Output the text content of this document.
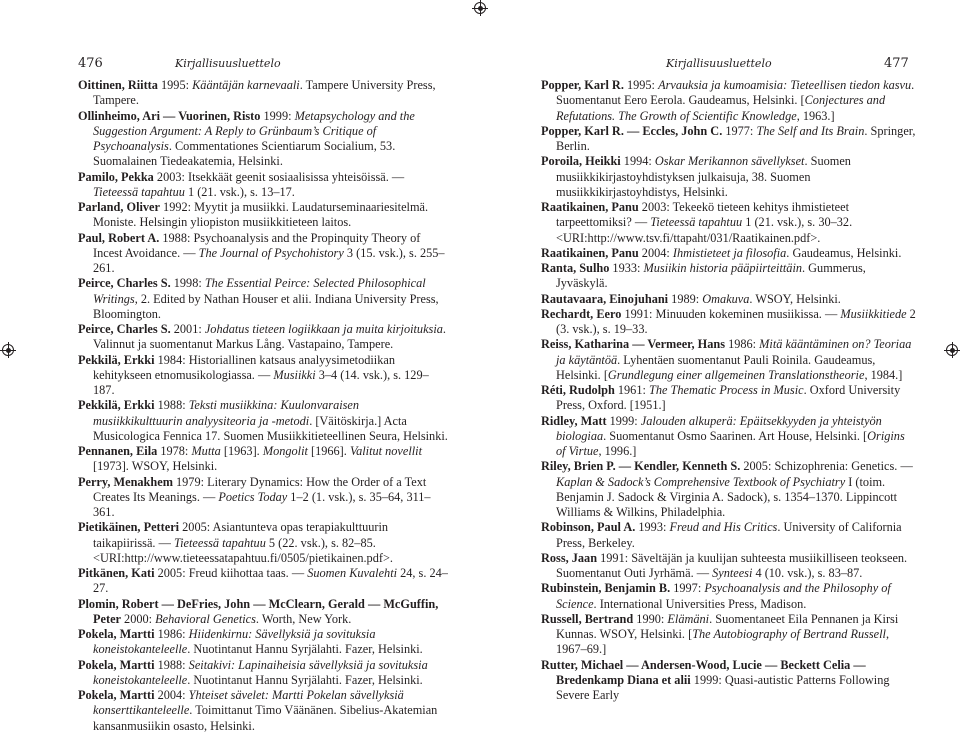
476	Kirjallisuusluettelo
Oittinen, Riitta 1995: Kääntäjän karnevaali. Tampere University Press, Tampere.
Ollinheimo, Ari — Vuorinen, Risto 1999: Metapsychology and the Suggestion Argument: A Reply to Grünbaum’s Critique of Psychoanalysis. Commentationes Scientiarum Socialium, 53. Suomalainen Tiedeakatemia, Helsinki.
Pamilo, Pekka 2003: Itsekkäät geenit sosiaalisissa yhteisöissä. — Tieteessä tapahtuu 1 (21. vsk.), s. 13–17.
Parland, Oliver 1992: Myytit ja musiikki. Laudaturseminaariesitelmä. Moniste. Helsingin yliopiston musiikkitieteen laitos.
Paul, Robert A. 1988: Psychoanalysis and the Propinquity Theory of Incest Avoidance. — The Journal of Psychohistory 3 (15. vsk.), s. 255–261.
Peirce, Charles S. 1998: The Essential Peirce: Selected Philosophical Writings, 2. Edited by Nathan Houser et alii. Indiana University Press, Bloomington.
Peirce, Charles S. 2001: Johdatus tieteen logiikkaan ja muita kirjoituksia. Valinnut ja suomentanut Markus Lång. Vastapaino, Tampere.
Pekkilä, Erkki 1984: Historiallinen katsaus analyysimetodiikan kehitykseen etnomusikologiassa. — Musiikki 3–4 (14. vsk.), s. 129–187.
Pekkilä, Erkki 1988: Teksti musiikkina: Kuulonvaraisen musiikkikulttuurin analyysiteoria ja -metodi. [Väitöskirja.] Acta Musicologica Fennica 17. Suomen Musiikkitieteellinen Seura, Helsinki.
Pennanen, Eila 1978: Mutta [1963]. Mongolit [1966]. Valitut novellit [1973]. WSOY, Helsinki.
Perry, Menakhem 1979: Literary Dynamics: How the Order of a Text Creates Its Meanings. — Poetics Today 1–2 (1. vsk.), s. 35–64, 311–361.
Pietikäinen, Petteri 2005: Asiantunteva opas terapiakulttuurin taikapiirissä. — Tieteessä tapahtuu 5 (22. vsk.), s. 82–85. <URI:http://www.tieteessatapahtuu.fi/0505/pietikainen.pdf>.
Pitkänen, Kati 2005: Freud kiihottaa taas. — Suomen Kuvalehti 24, s. 24–27.
Plomin, Robert — DeFries, John — McClearn, Gerald — McGuffin, Peter 2000: Behavioral Genetics. Worth, New York.
Pokela, Martti 1986: Hiidenkirnu: Sävellyksiä ja sovituksia koneistokanteleelle. Nuotintanut Hannu Syrjälahti. Fazer, Helsinki.
Pokela, Martti 1988: Seitakivi: Lapinaiheisia sävellyksiä ja sovituksia koneistokanteleelle. Nuotintanut Hannu Syrjälahti. Fazer, Helsinki.
Pokela, Martti 2004: Yhteiset sävelet: Martti Pokelan sävellyksiä konserttikanteleelle. Toimittanut Timo Väänänen. Sibelius-Akatemian kansanmusiikin osasto, Helsinki.
Kirjallisuusluettelo	477
Popper, Karl R. 1995: Arvauksia ja kumoamisia: Tieteellisen tiedon kasvu. Suomentanut Eero Eerola. Gaudeamus, Helsinki. [Conjectures and Refutations. The Growth of Scientific Knowledge, 1963.]
Popper, Karl R. — Eccles, John C. 1977: The Self and Its Brain. Springer, Berlin.
Poroila, Heikki 1994: Oskar Merikannon sävellykset. Suomen musiikkikirjastoyhdistyksen julkaisuja, 38. Suomen musiikkikirjastoyhdistys, Helsinki.
Raatikainen, Panu 2003: Tekeekö tieteen kehitys ihmistieteet tarpeettomiksi? — Tieteessä tapahtuu 1 (21. vsk.), s. 30–32. <URI:http://www.tsv.fi/ttapaht/031/Raatikainen.pdf>.
Raatikainen, Panu 2004: Ihmistieteet ja filosofia. Gaudeamus, Helsinki.
Ranta, Sulho 1933: Musiikin historia pääpiirteittäin. Gummerus, Jyväskylä.
Rautavaara, Einojuhani 1989: Omakuva. WSOY, Helsinki.
Rechardt, Eero 1991: Minuuden kokeminen musiikissa. — Musiikkitiede 2 (3. vsk.), s. 19–33.
Reiss, Katharina — Vermeer, Hans 1986: Mitä kääntäminen on? Teoriaa ja käytäntöä. Lyhentäen suomentanut Pauli Roinila. Gaudeamus, Helsinki. [Grundlegung einer allgemeinen Translationstheorie, 1984.]
Réti, Rudolph 1961: The Thematic Process in Music. Oxford University Press, Oxford. [1951.]
Ridley, Matt 1999: Jalouden alkuperä: Epäitsekkyyden ja yhteistyön biologiaa. Suomentanut Osmo Saarinen. Art House, Helsinki. [Origins of Virtue, 1996.]
Riley, Brien P. — Kendler, Kenneth S. 2005: Schizophrenia: Genetics. — Kaplan & Sadock’s Comprehensive Textbook of Psychiatry I (toim. Benjamin J. Sadock & Virginia A. Sadock), s. 1354–1370. Lippincott Williams & Wilkins, Philadelphia.
Robinson, Paul A. 1993: Freud and His Critics. University of California Press, Berkeley.
Ross, Jaan 1991: Säveltäjän ja kuulijan suhteesta musiikilliseen teokseen. Suomentanut Outi Jyrhämä. — Synteesi 4 (10. vsk.), s. 83–87.
Rubinstein, Benjamin B. 1997: Psychoanalysis and the Philosophy of Science. International Universities Press, Madison.
Russell, Bertrand 1990: Elämäni. Suomentaneet Eila Pennanen ja Kirsi Kunnas. WSOY, Helsinki. [The Autobiography of Bertrand Russell, 1967–69.]
Rutter, Michael — Andersen-Wood, Lucie — Beckett Celia — Bredenkamp Diana et alii 1999: Quasi-autistic Patterns Following Severe Early
